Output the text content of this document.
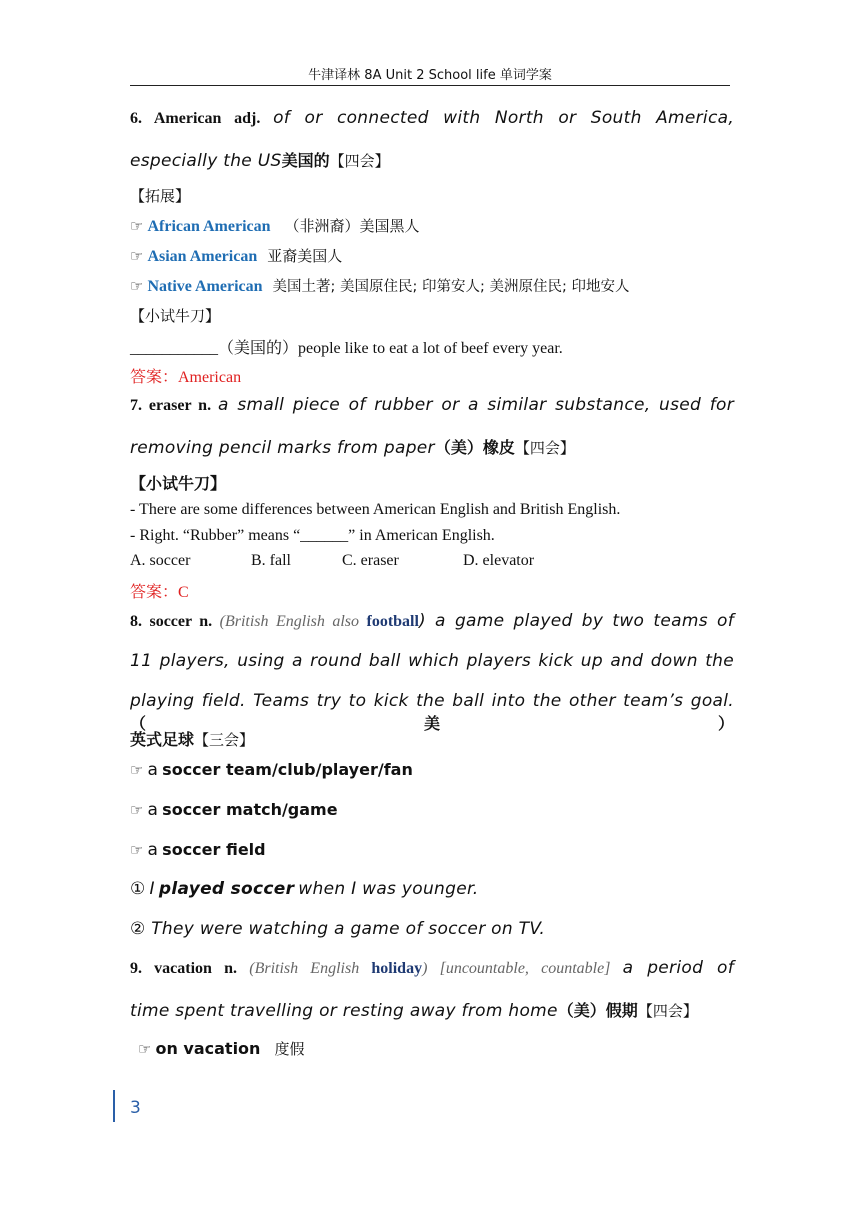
牛津译林 8A Unit 2 School life 单词学案
6. American adj. of or connected with North or South America,
especially the US美国的【四会】
【拓展】
☞ African American （非洲裔）美国黑人
☞ Asian American 亚裔美国人
☞ Native American 美国土著; 美国原住民; 印第安人; 美洲原住民; 印地安人
【小试牛刀】
___________（美国的）people like to eat a lot of beef every year.
答案：American
7. eraser n. a small piece of rubber or a similar substance, used for
removing pencil marks from paper（美）橡皮【四会】
【小试牛刀】
- There are some differences between American English and British English.
- Right. “Rubber” means “______” in American English.
A. soccer	B. fall	C. eraser	D. elevator
答案：C
8. soccer n. (British English also football) a game played by two teams of
11 players, using a round ball which players kick up and down the
playing field. Teams try to kick the ball into the other team’s goal.（美）
英式足球【三会】
☞ a soccer team/club/player/fan
☞ a soccer match/game
☞ a soccer field
① I played soccer when I was younger.
② They were watching a game of soccer on TV.
9. vacation n. (British English holiday) [uncountable, countable] a period of
time spent travelling or resting away from home（美）假期【四会】
☞ on vacation 度假
3
